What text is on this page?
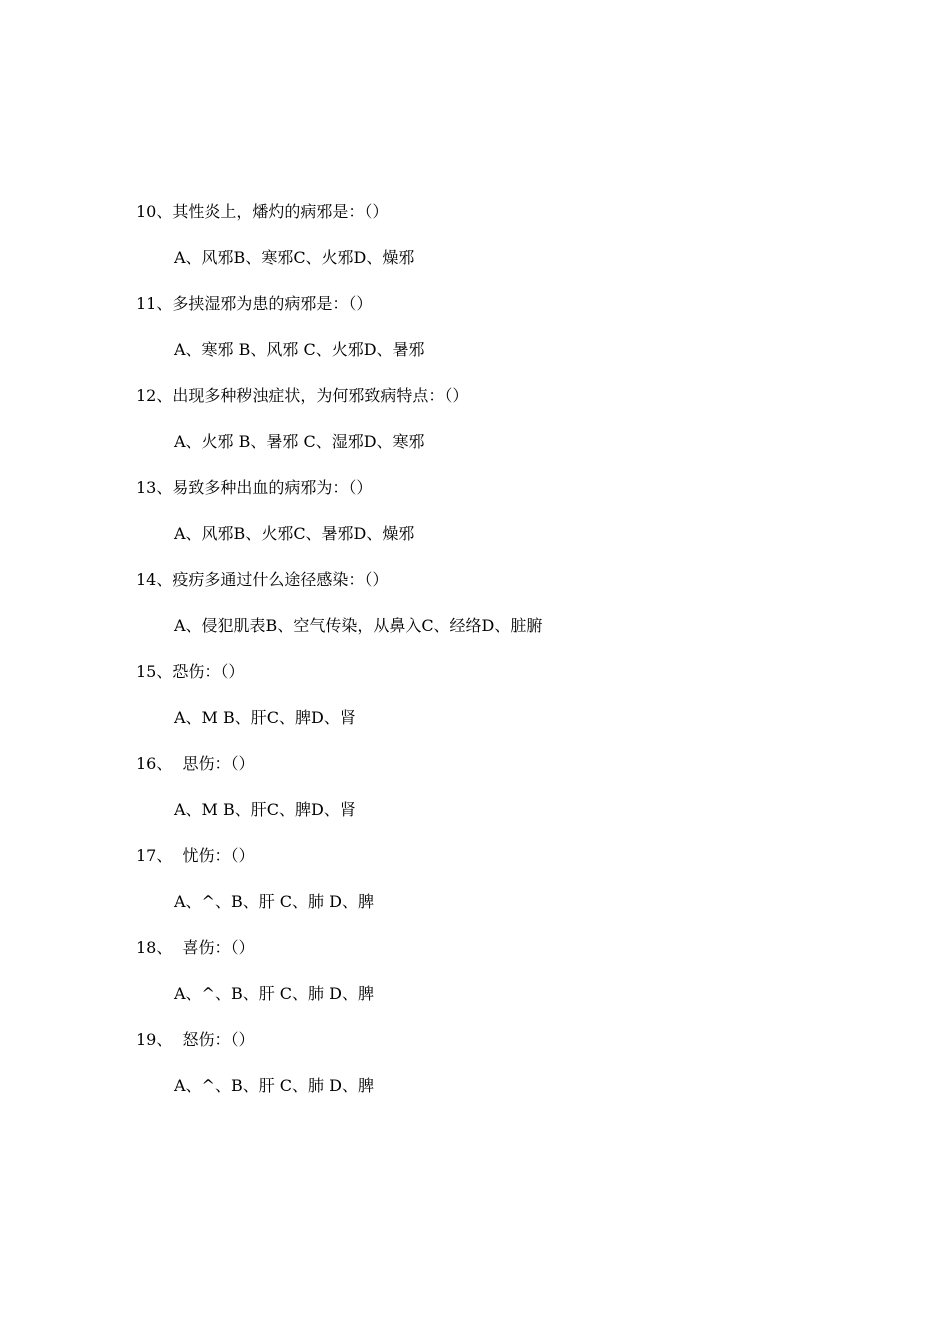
10、其性炎上，燔灼的病邪是：（）
A、风邪B、寒邪C、火邪D、燥邪
11、多挟湿邪为患的病邪是：（）
A、寒邪 B、风邪 C、火邪D、暑邪
12、出现多种秽浊症状，为何邪致病特点：（）
A、火邪 B、暑邪 C、湿邪D、寒邪
13、易致多种出血的病邪为：（）
A、风邪B、火邪C、暑邪D、燥邪
14、疫疠多通过什么途径感染：（）
A、侵犯肌表B、空气传染，从鼻入C、经络D、脏腑
15、恐伤：（）
A、M B、肝C、脾D、肾
16、  思伤：（）
A、M B、肝C、脾D、肾
17、  忧伤：（）
A、^、B、肝 C、肺 D、脾
18、  喜伤：（）
A、^、B、肝 C、肺 D、脾
19、  怒伤：（）
A、^、B、肝 C、肺 D、脾
